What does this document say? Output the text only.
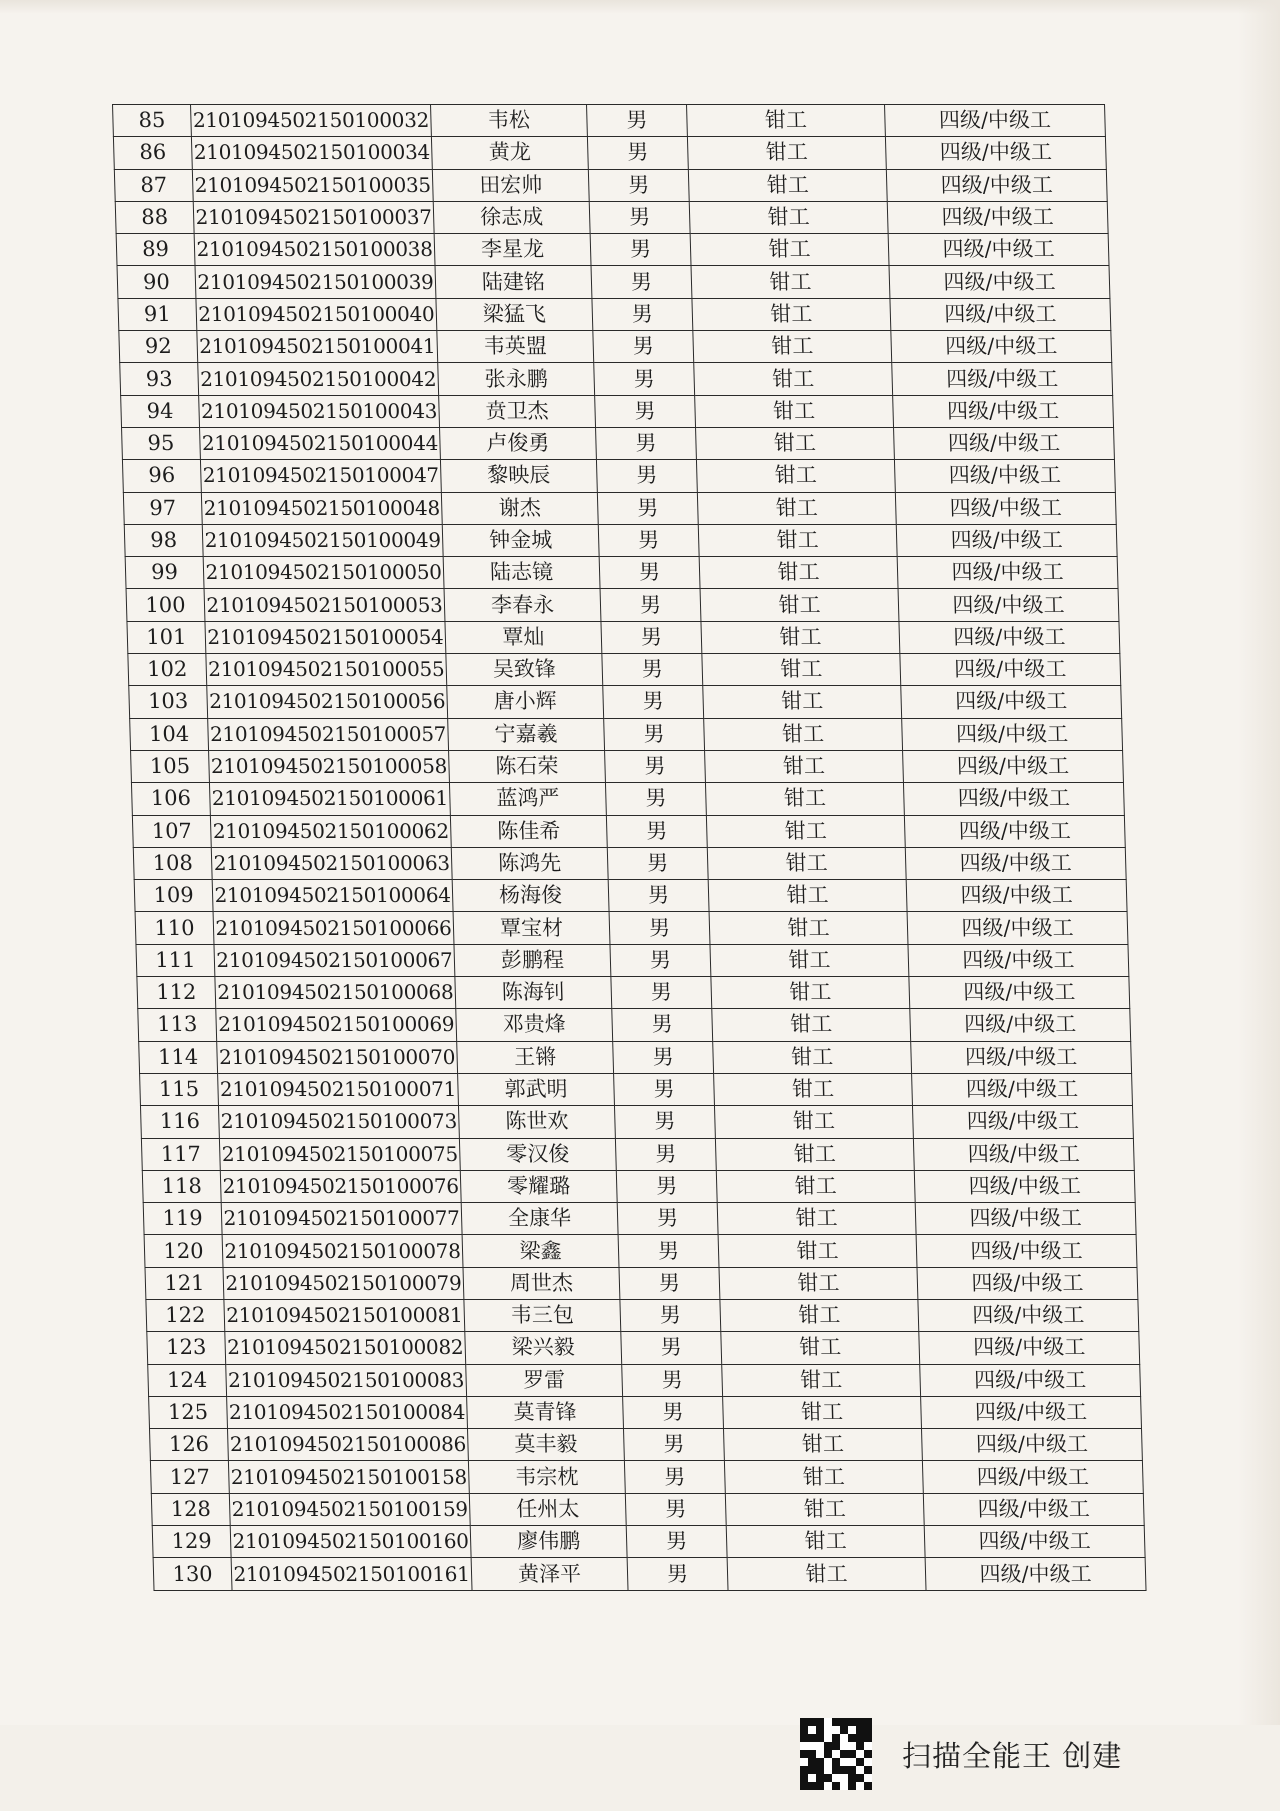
85	2101094502150100032	韦松	男	钳工	四级/中级工
86	2101094502150100034	黄龙	男	钳工	四级/中级工
87	2101094502150100035	田宏帅	男	钳工	四级/中级工
88	2101094502150100037	徐志成	男	钳工	四级/中级工
89	2101094502150100038	李星龙	男	钳工	四级/中级工
90	2101094502150100039	陆建铭	男	钳工	四级/中级工
91	2101094502150100040	梁猛飞	男	钳工	四级/中级工
92	2101094502150100041	韦英盟	男	钳工	四级/中级工
93	2101094502150100042	张永鹏	男	钳工	四级/中级工
94	2101094502150100043	贲卫杰	男	钳工	四级/中级工
95	2101094502150100044	卢俊勇	男	钳工	四级/中级工
96	2101094502150100047	黎映辰	男	钳工	四级/中级工
97	2101094502150100048	谢杰	男	钳工	四级/中级工
98	2101094502150100049	钟金城	男	钳工	四级/中级工
99	2101094502150100050	陆志镜	男	钳工	四级/中级工
100	2101094502150100053	李春永	男	钳工	四级/中级工
101	2101094502150100054	覃灿	男	钳工	四级/中级工
102	2101094502150100055	吴致锋	男	钳工	四级/中级工
103	2101094502150100056	唐小辉	男	钳工	四级/中级工
104	2101094502150100057	宁嘉羲	男	钳工	四级/中级工
105	2101094502150100058	陈石荣	男	钳工	四级/中级工
106	2101094502150100061	蓝鸿严	男	钳工	四级/中级工
107	2101094502150100062	陈佳希	男	钳工	四级/中级工
108	2101094502150100063	陈鸿先	男	钳工	四级/中级工
109	2101094502150100064	杨海俊	男	钳工	四级/中级工
110	2101094502150100066	覃宝材	男	钳工	四级/中级工
111	2101094502150100067	彭鹏程	男	钳工	四级/中级工
112	2101094502150100068	陈海钊	男	钳工	四级/中级工
113	2101094502150100069	邓贵烽	男	钳工	四级/中级工
114	2101094502150100070	王锵	男	钳工	四级/中级工
115	2101094502150100071	郭武明	男	钳工	四级/中级工
116	2101094502150100073	陈世欢	男	钳工	四级/中级工
117	2101094502150100075	零汉俊	男	钳工	四级/中级工
118	2101094502150100076	零耀璐	男	钳工	四级/中级工
119	2101094502150100077	全康华	男	钳工	四级/中级工
120	2101094502150100078	梁鑫	男	钳工	四级/中级工
121	2101094502150100079	周世杰	男	钳工	四级/中级工
122	2101094502150100081	韦三包	男	钳工	四级/中级工
123	2101094502150100082	梁兴毅	男	钳工	四级/中级工
124	2101094502150100083	罗雷	男	钳工	四级/中级工
125	2101094502150100084	莫青锋	男	钳工	四级/中级工
126	2101094502150100086	莫丰毅	男	钳工	四级/中级工
127	2101094502150100158	韦宗枕	男	钳工	四级/中级工
128	2101094502150100159	任州太	男	钳工	四级/中级工
129	2101094502150100160	廖伟鹏	男	钳工	四级/中级工
130	2101094502150100161	黄泽平	男	钳工	四级/中级工
扫描全能王 创建
